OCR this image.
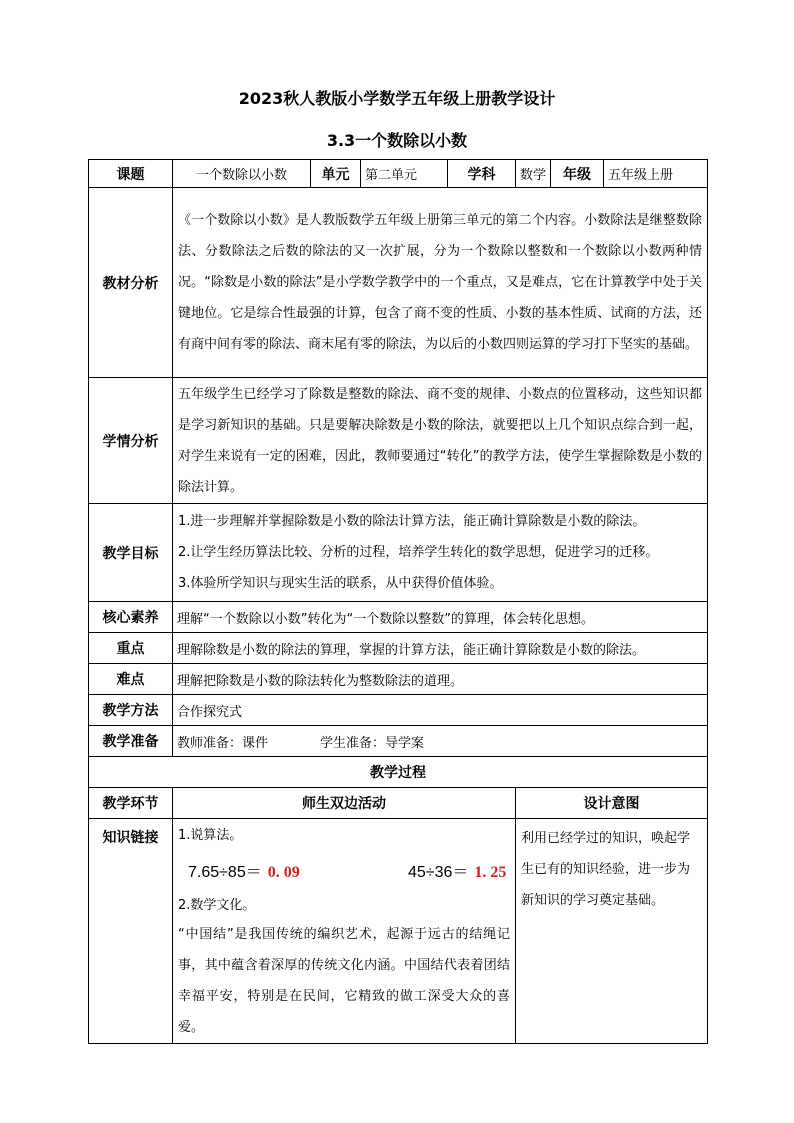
2023秋人教版小学数学五年级上册教学设计
3.3一个数除以小数
课题	一个数除以小数	单元	第二单元	学科	数学	年级	五年级上册
教材分析	《一个数除以小数》是人教版数学五年级上册第三单元的第二个内容。小数除法是继整数除法、分数除法之后数的除法的又一次扩展，分为一个数除以整数和一个数除以小数两种情况。“除数是小数的除法”是小学数学教学中的一个重点，又是难点，它在计算教学中处于关键地位。它是综合性最强的计算，包含了商不变的性质、小数的基本性质、试商的方法，还有商中间有零的除法、商末尾有零的除法，为以后的小数四则运算的学习打下坚实的基础。						
学情分析	五年级学生已经学习了除数是整数的除法、商不变的规律、小数点的位置移动，这些知识都是学习新知识的基础。只是要解决除数是小数的除法，就要把以上几个知识点综合到一起，对学生来说有一定的困难，因此，教师要通过“转化”的教学方法，使学生掌握除数是小数的除法计算。						
教学目标	1.进一步理解并掌握除数是小数的除法计算方法，能正确计算除数是小数的除法。
2.让学生经历算法比较、分析的过程，培养学生转化的数学思想，促进学习的迁移。
3.体验所学知识与现实生活的联系，从中获得价值体验。						

核心素养	理解“一个数除以小数”转化为“一个数除以整数”的算理，体会转化思想。						
重点	理解除数是小数的除法的算理，掌握的计算方法，能正确计算除数是小数的除法。						
难点	理解把除数是小数的除法转化为整数除法的道理。						
教学方法	合作探究式						
教学准备	教师准备：课件 学生准备：导学案						
教学过程							
教学环节	师生双边活动				设计意图		
知识链接	1.说算法。

7.65÷85＝ 0. 09 45÷36＝ 1. 25

2.数学文化。

“中国结”是我国传统的编织艺术，起源于远古的结绳记事，其中蕴含着深厚的传统文化内涵。中国结代表着团结幸福平安，特别是在民间，它精致的做工深受大众的喜爱。				利用已经学过的知识，唤起学生已有的知识经验，进一步为新知识的学习奠定基础。		
